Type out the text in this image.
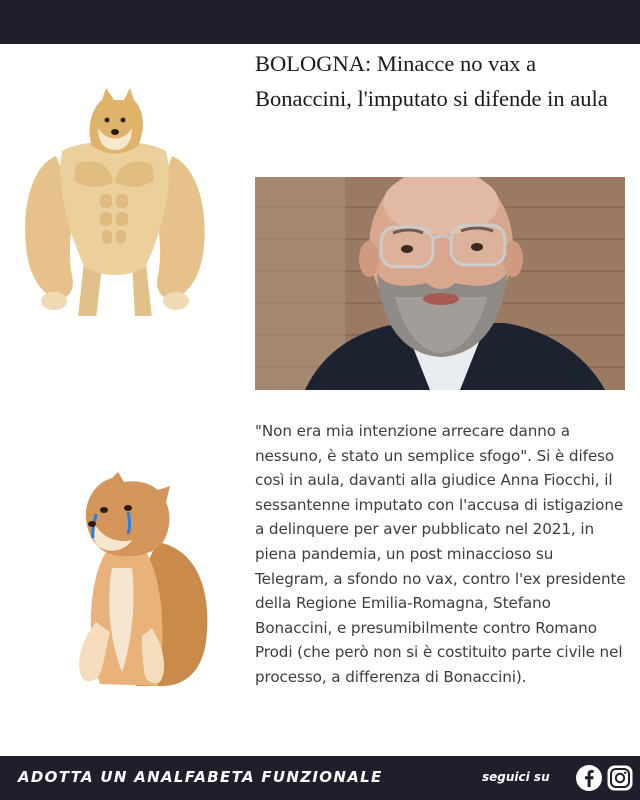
BOLOGNA: Minacce no vax a Bonaccini, l'imputato si difende in aula

"Non era mia intenzione arrecare danno a nessuno, è stato un semplice sfogo". Si è difeso così in aula, davanti alla giudice Anna Fiocchi, il sessantenne imputato con l'accusa di istigazione a delinquere per aver pubblicato nel 2021, in piena pandemia, un post minaccioso su Telegram, a sfondo no vax, contro l'ex presidente della Regione Emilia-Romagna, Stefano Bonaccini, e presumibilmente contro Romano Prodi (che però non si è costituito parte civile nel processo, a differenza di Bonaccini).

ADOTTA UN ANALFABETA FUNZIONALE	seguici su
